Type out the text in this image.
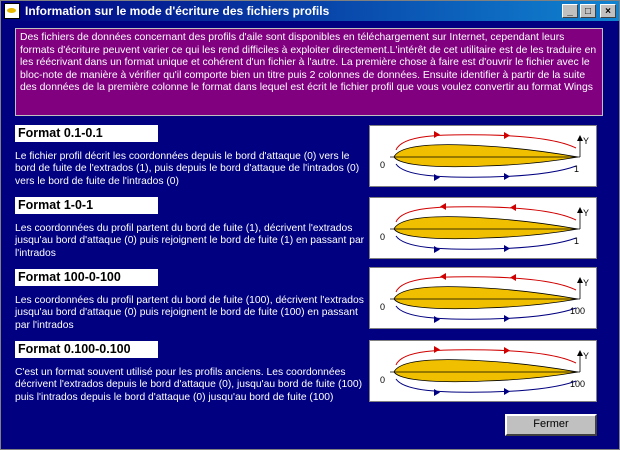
Information sur le mode d'écriture des fichiers profils	_	□	×
Des fichiers de données concernant des profils d'aile sont disponibles en téléchargement sur Internet, cependant leurs formats d'écriture peuvent varier ce qui les rend difficiles à exploiter directement.L'intérêt de cet utilitaire est de les traduire en les réécrivant dans un format unique et cohérent d'un fichier à l'autre. La première chose à faire est d'ouvrir le fichier avec le bloc-note de manière à vérifier qu'il comporte bien un titre puis 2 colonnes de données. Ensuite identifier à partir de la suite des données de la première colonne le format dans lequel est écrit le fichier profil que vous voulez convertir au format Wings
Format 0.1-0.1
Le fichier profil décrit les coordonnées depuis le bord d'attaque (0) vers le bord de fuite de l'extrados (1), puis depuis le bord d'attaque de l'intrados (0) vers le bord de fuite de l'intrados (0)
0	1
Y
Format 1-0-1
Les coordonnées du profil partent du bord de fuite (1), décrivent l'extrados jusqu'au bord d'attaque (0) puis rejoignent le bord de fuite (1) en passant par l'intrados
0	1
Y
Format 100-0-100
Les coordonnées du profil partent du bord de fuite (100), décrivent l'extrados jusqu'au bord d'attaque (0) puis rejoignent le bord de fuite (100) en passant par l'intrados
0	100
Y
Format 0.100-0.100
C'est un format souvent utilisé pour les profils anciens. Les coordonnées décrivent l'extrados depuis le bord d'attaque (0), jusqu'au bord de fuite (100) puis l'intrados depuis le bord d'attaque (0) jusqu'au bord de fuite (100)
0	100
Y
Fermer
